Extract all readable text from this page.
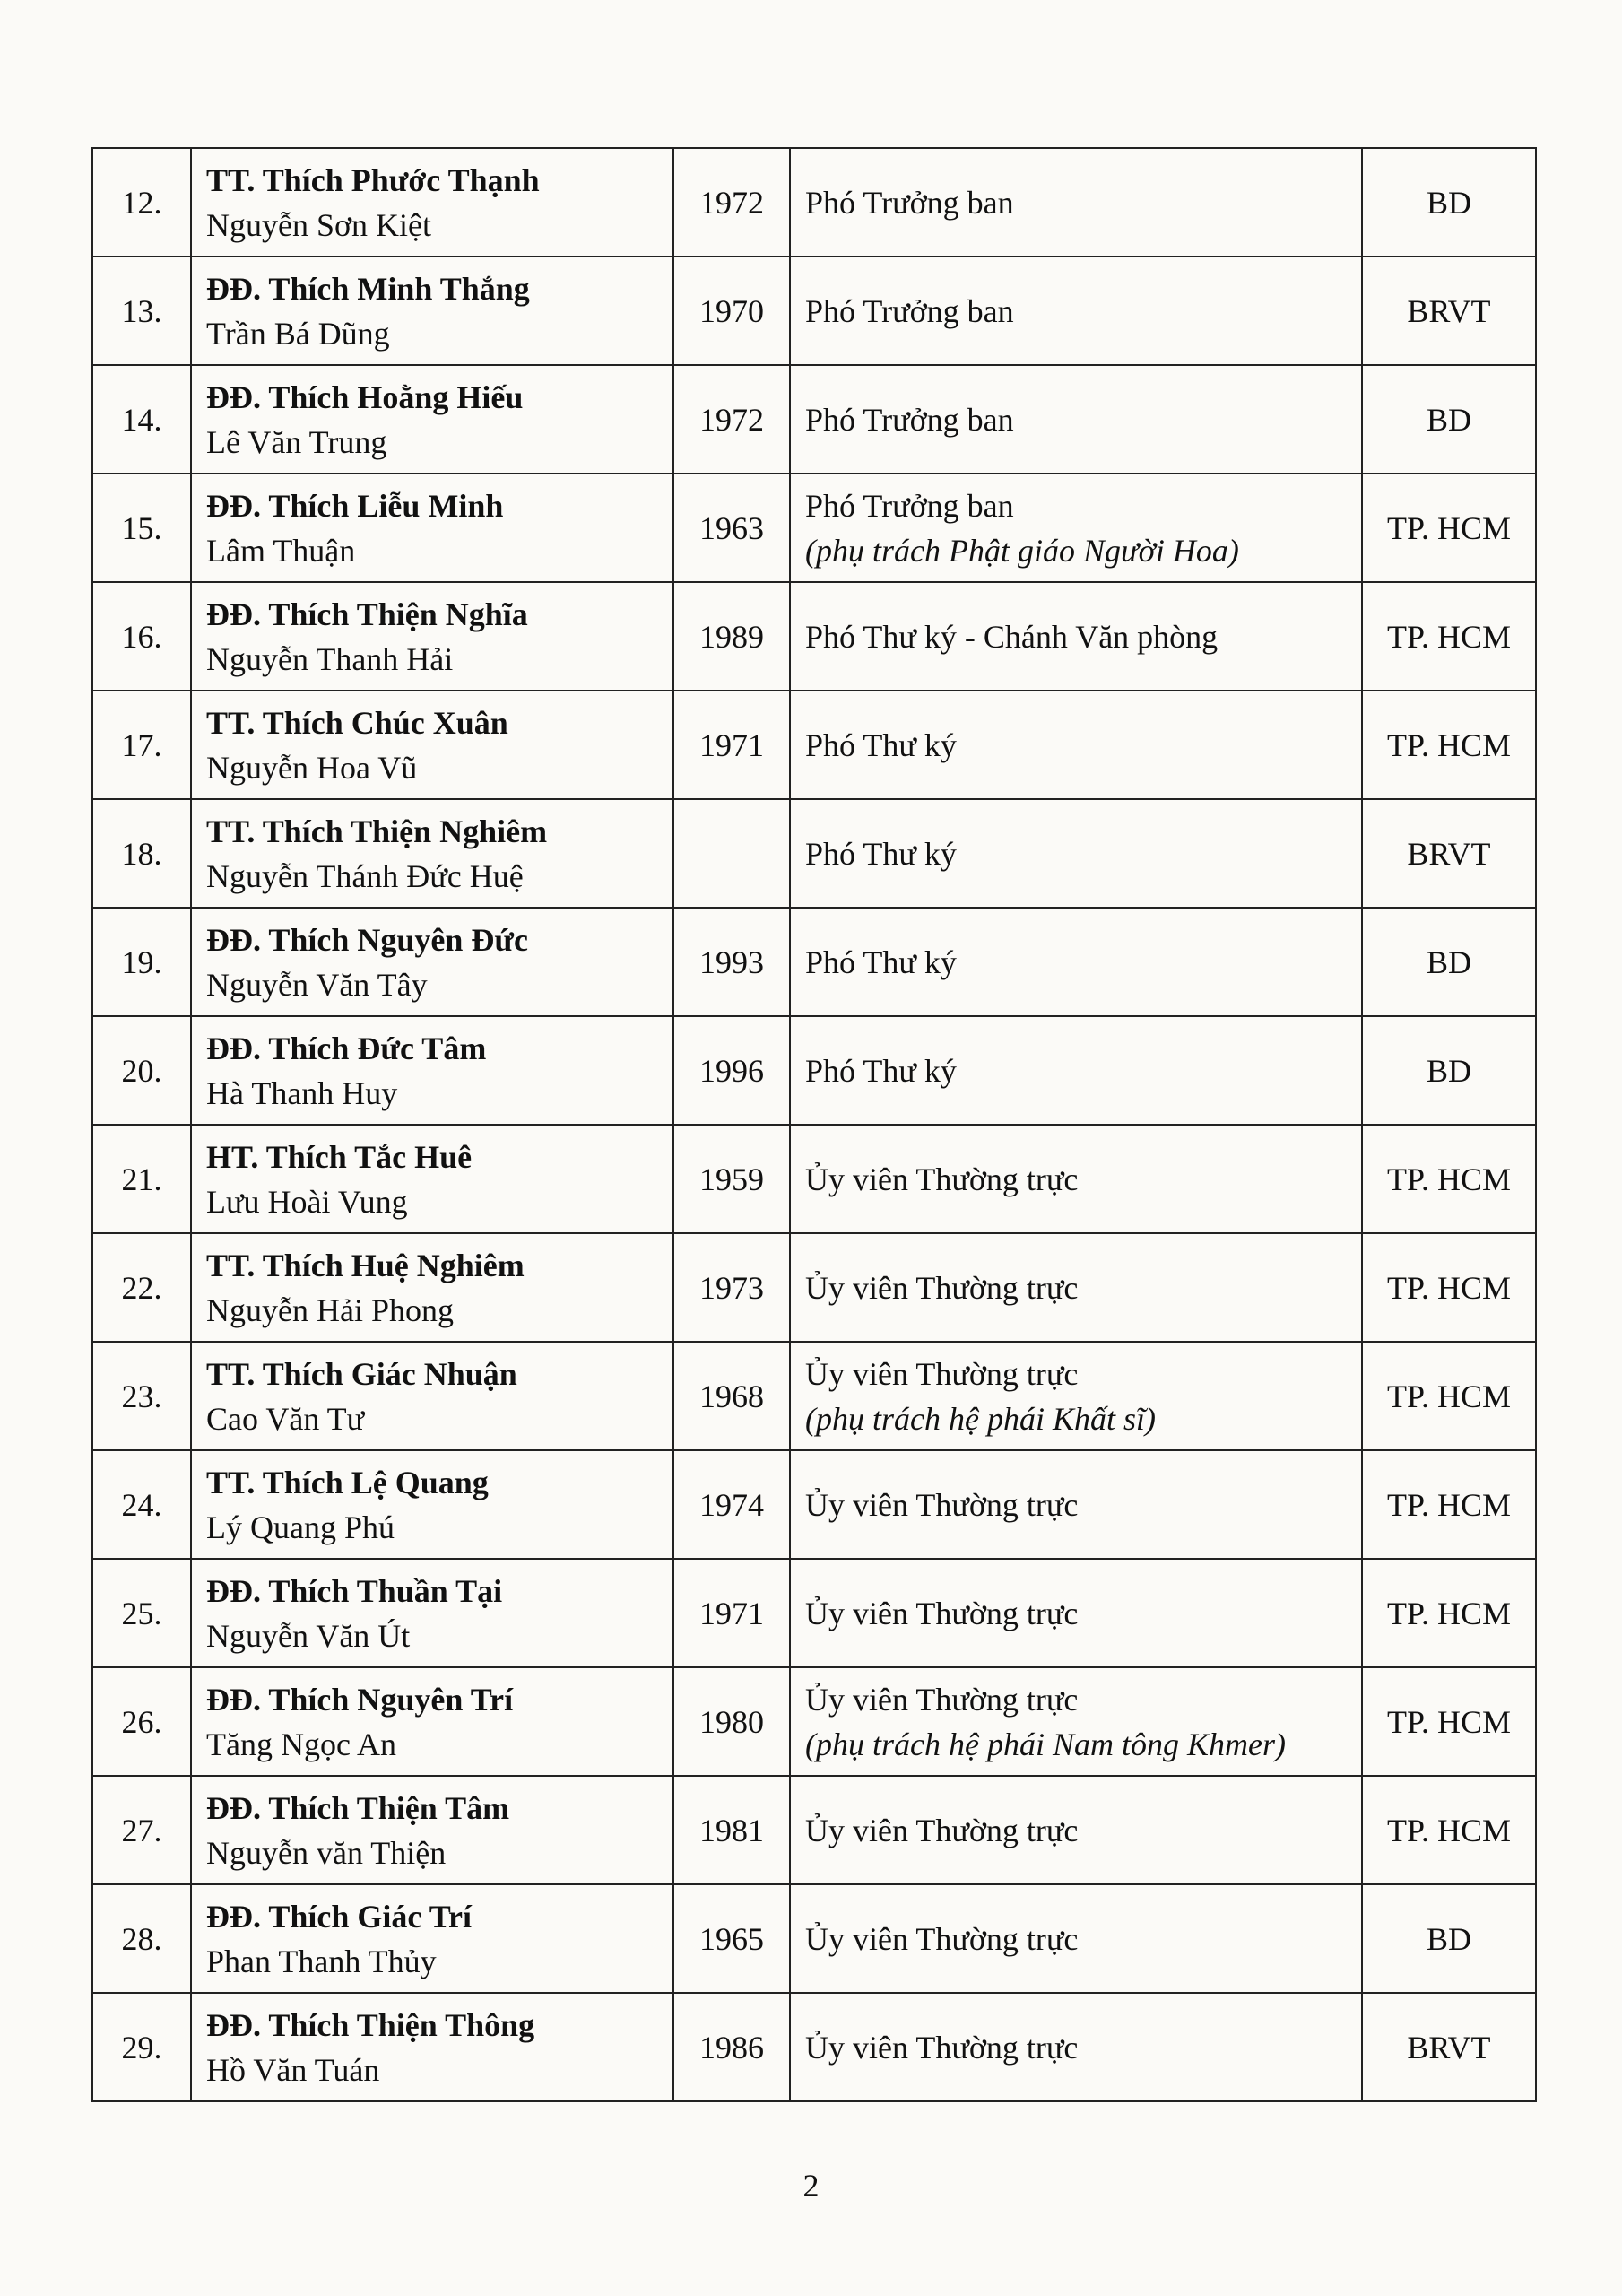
12.	TT. Thích Phước Thạnh
Nguyễn Sơn Kiệt	1972	Phó Trưởng ban	BD
13.	ĐĐ. Thích Minh Thắng
Trần Bá Dũng	1970	Phó Trưởng ban	BRVT
14.	ĐĐ. Thích Hoằng Hiếu
Lê Văn Trung	1972	Phó Trưởng ban	BD
15.	ĐĐ. Thích Liễu Minh
Lâm Thuận	1963	Phó Trưởng ban
(phụ trách Phật giáo Người Hoa)	TP. HCM
16.	ĐĐ. Thích Thiện Nghĩa
Nguyễn Thanh Hải	1989	Phó Thư ký - Chánh Văn phòng	TP. HCM
17.	TT. Thích Chúc Xuân
Nguyễn Hoa Vũ	1971	Phó Thư ký	TP. HCM
18.	TT. Thích Thiện Nghiêm
Nguyễn Thánh Đức Huệ		Phó Thư ký	BRVT
19.	ĐĐ. Thích Nguyên Đức
Nguyễn Văn Tây	1993	Phó Thư ký	BD
20.	ĐĐ. Thích Đức Tâm
Hà Thanh Huy	1996	Phó Thư ký	BD
21.	HT. Thích Tắc Huê
Lưu Hoài Vung	1959	Ủy viên Thường trực	TP. HCM
22.	TT. Thích Huệ Nghiêm
Nguyễn Hải Phong	1973	Ủy viên Thường trực	TP. HCM
23.	TT. Thích Giác Nhuận
Cao Văn Tư	1968	Ủy viên Thường trực
(phụ trách hệ phái Khất sĩ)	TP. HCM
24.	TT. Thích Lệ Quang
Lý Quang Phú	1974	Ủy viên Thường trực	TP. HCM
25.	ĐĐ. Thích Thuần Tại
Nguyễn Văn Út	1971	Ủy viên Thường trực	TP. HCM
26.	ĐĐ. Thích Nguyên Trí
Tăng Ngọc An	1980	Ủy viên Thường trực
(phụ trách hệ phái Nam tông Khmer)	TP. HCM
27.	ĐĐ. Thích Thiện Tâm
Nguyễn văn Thiện	1981	Ủy viên Thường trực	TP. HCM
28.	ĐĐ. Thích Giác Trí
Phan Thanh Thủy	1965	Ủy viên Thường trực	BD
29.	ĐĐ. Thích Thiện Thông
Hồ Văn Tuán	1986	Ủy viên Thường trực	BRVT
2
